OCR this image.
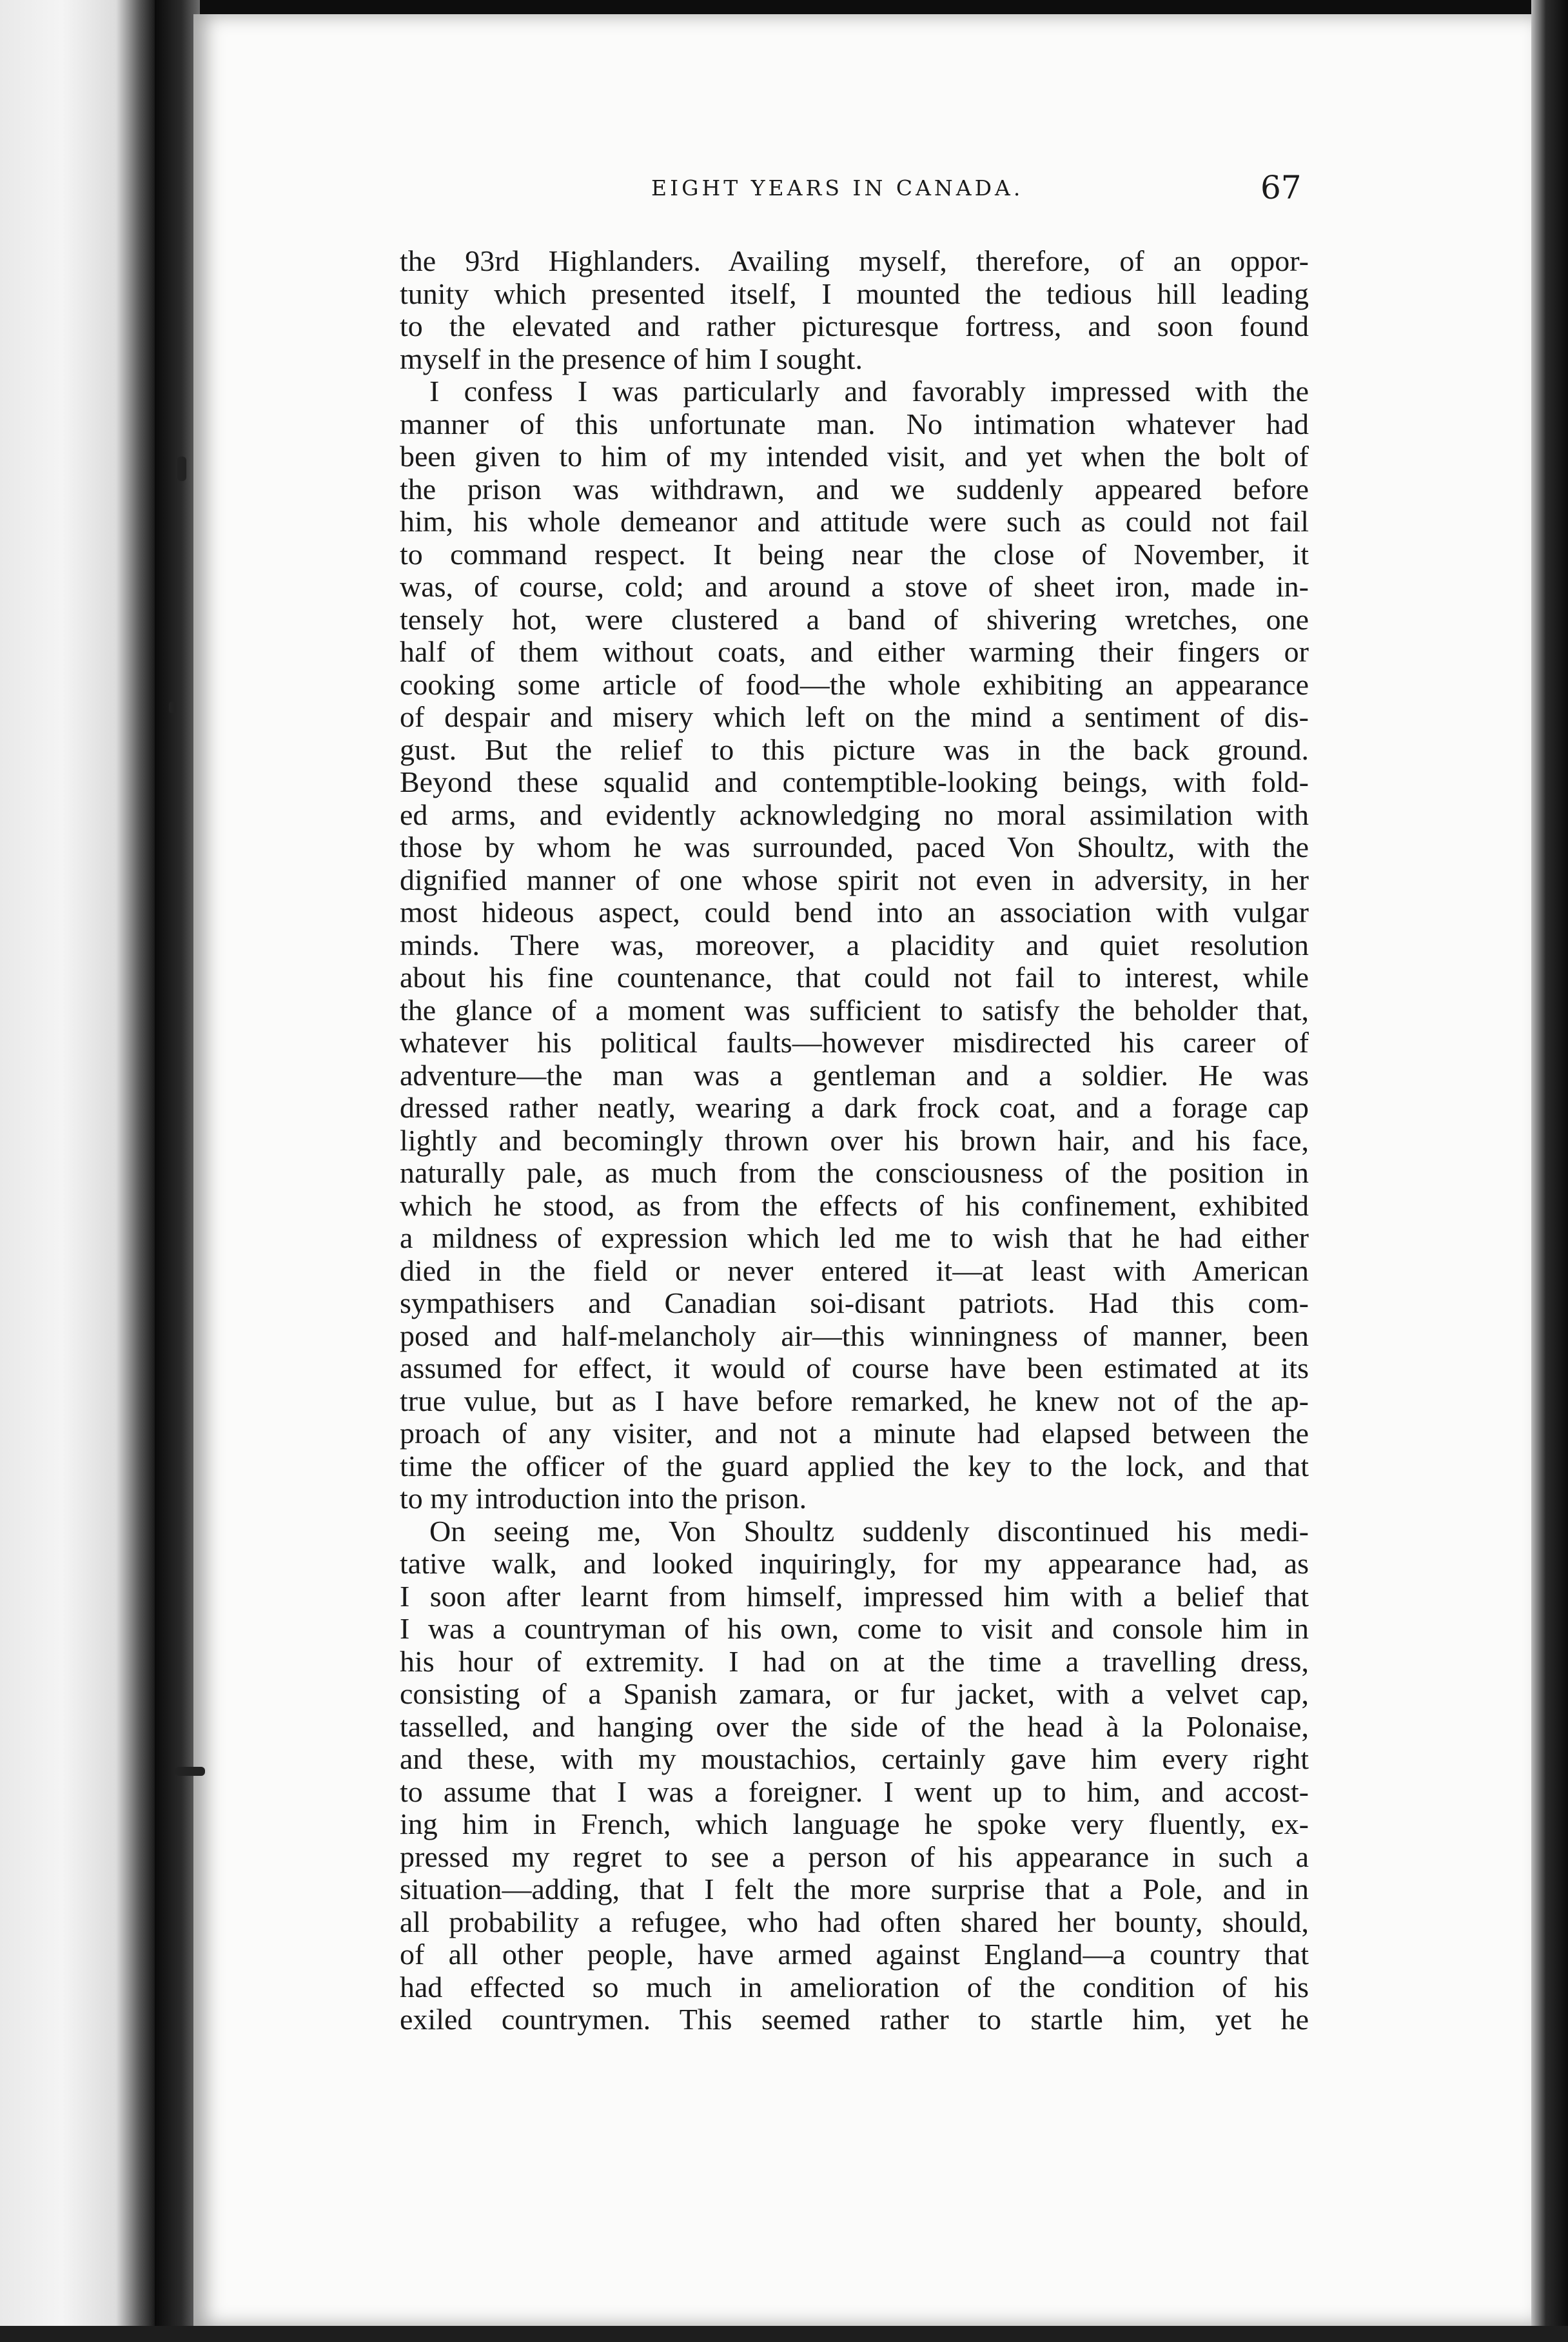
EIGHT YEARS IN CANADA.	67
the 93rd Highlanders. Availing myself, therefore, of an oppor-
tunity which presented itself, I mounted the tedious hill leading
to the elevated and rather picturesque fortress, and soon found
myself in the presence of him I sought.
I confess I was particularly and favorably impressed with the
manner of this unfortunate man. No intimation whatever had
been given to him of my intended visit, and yet when the bolt of
the prison was withdrawn, and we suddenly appeared before
him, his whole demeanor and attitude were such as could not fail
to command respect. It being near the close of November, it
was, of course, cold; and around a stove of sheet iron, made in-
tensely hot, were clustered a band of shivering wretches, one
half of them without coats, and either warming their fingers or
cooking some article of food—the whole exhibiting an appearance
of despair and misery which left on the mind a sentiment of dis-
gust. But the relief to this picture was in the back ground.
Beyond these squalid and contemptible-looking beings, with fold-
ed arms, and evidently acknowledging no moral assimilation with
those by whom he was surrounded, paced Von Shoultz, with the
dignified manner of one whose spirit not even in adversity, in her
most hideous aspect, could bend into an association with vulgar
minds. There was, moreover, a placidity and quiet resolution
about his fine countenance, that could not fail to interest, while
the glance of a moment was sufficient to satisfy the beholder that,
whatever his political faults—however misdirected his career of
adventure—the man was a gentleman and a soldier. He was
dressed rather neatly, wearing a dark frock coat, and a forage cap
lightly and becomingly thrown over his brown hair, and his face,
naturally pale, as much from the consciousness of the position in
which he stood, as from the effects of his confinement, exhibited
a mildness of expression which led me to wish that he had either
died in the field or never entered it—at least with American
sympathisers and Canadian soi-disant patriots. Had this com-
posed and half-melancholy air—this winningness of manner, been
assumed for effect, it would of course have been estimated at its
true vulue, but as I have before remarked, he knew not of the ap-
proach of any visiter, and not a minute had elapsed between the
time the officer of the guard applied the key to the lock, and that
to my introduction into the prison.
On seeing me, Von Shoultz suddenly discontinued his medi-
tative walk, and looked inquiringly, for my appearance had, as
I soon after learnt from himself, impressed him with a belief that
I was a countryman of his own, come to visit and console him in
his hour of extremity. I had on at the time a travelling dress,
consisting of a Spanish zamara, or fur jacket, with a velvet cap,
tasselled, and hanging over the side of the head à la Polonaise,
and these, with my moustachios, certainly gave him every right
to assume that I was a foreigner. I went up to him, and accost-
ing him in French, which language he spoke very fluently, ex-
pressed my regret to see a person of his appearance in such a
situation—adding, that I felt the more surprise that a Pole, and in
all probability a refugee, who had often shared her bounty, should,
of all other people, have armed against England—a country that
had effected so much in amelioration of the condition of his
exiled countrymen. This seemed rather to startle him, yet he
